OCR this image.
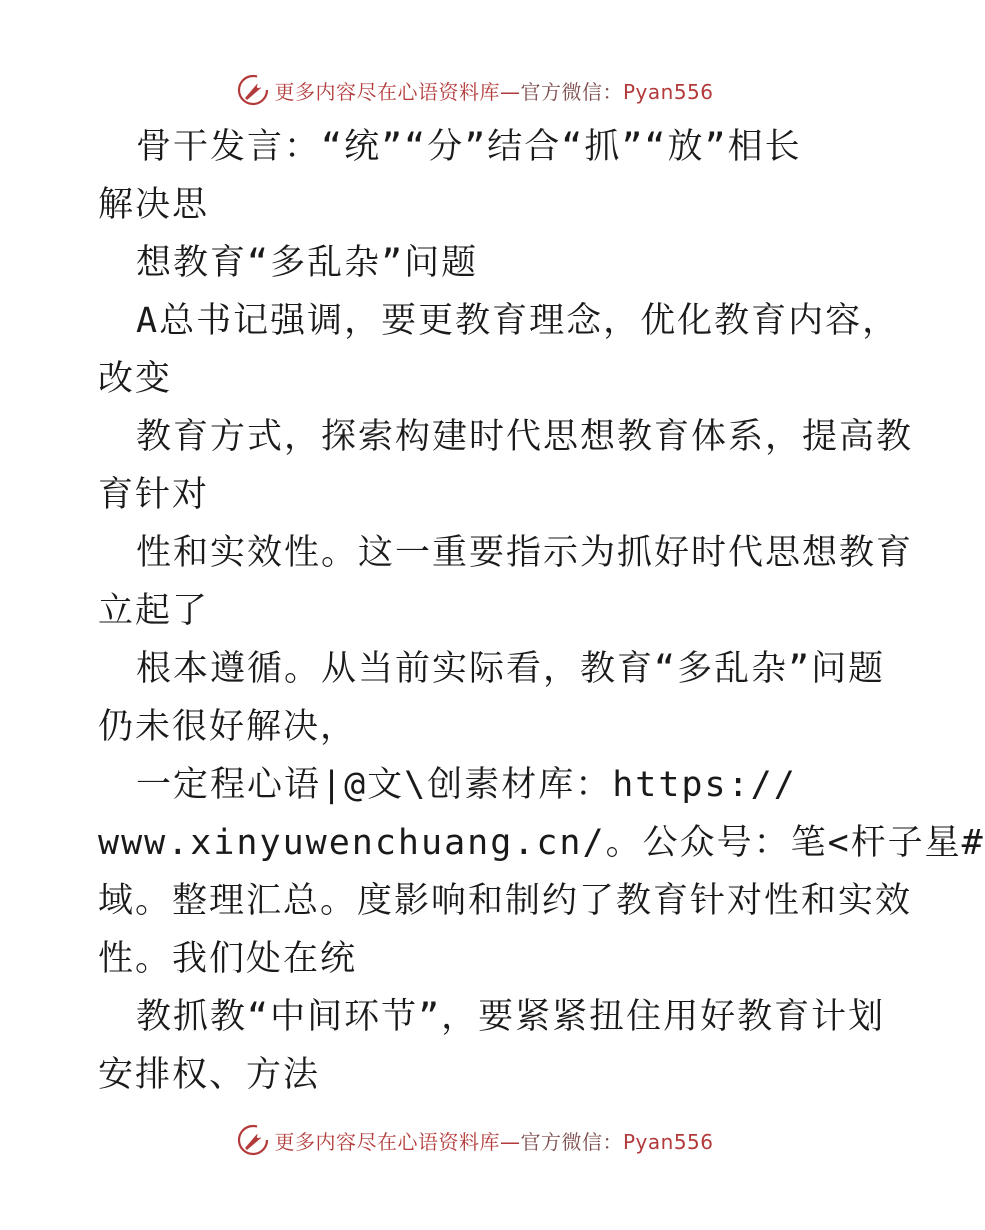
更多内容尽在心语资料库—官方微信：Pyan556
骨干发言：“统”“分”结合“抓”“放”相长
解决思
想教育“多乱杂”问题
A总书记强调，要更教育理念，优化教育内容，
改变
教育方式，探索构建时代思想教育体系，提高教
育针对
性和实效性。这一重要指示为抓好时代思想教育
立起了
根本遵循。从当前实际看，教育“多乱杂”问题
仍未很好解决，
一定程心语|@文\创素材库：https://
www.xinyuwenchuang.cn/。公众号：笔<杆子星#
域。整理汇总。度影响和制约了教育针对性和实效
性。我们处在统
教抓教“中间环节”，要紧紧扭住用好教育计划
安排权、方法
更多内容尽在心语资料库—官方微信：Pyan556
